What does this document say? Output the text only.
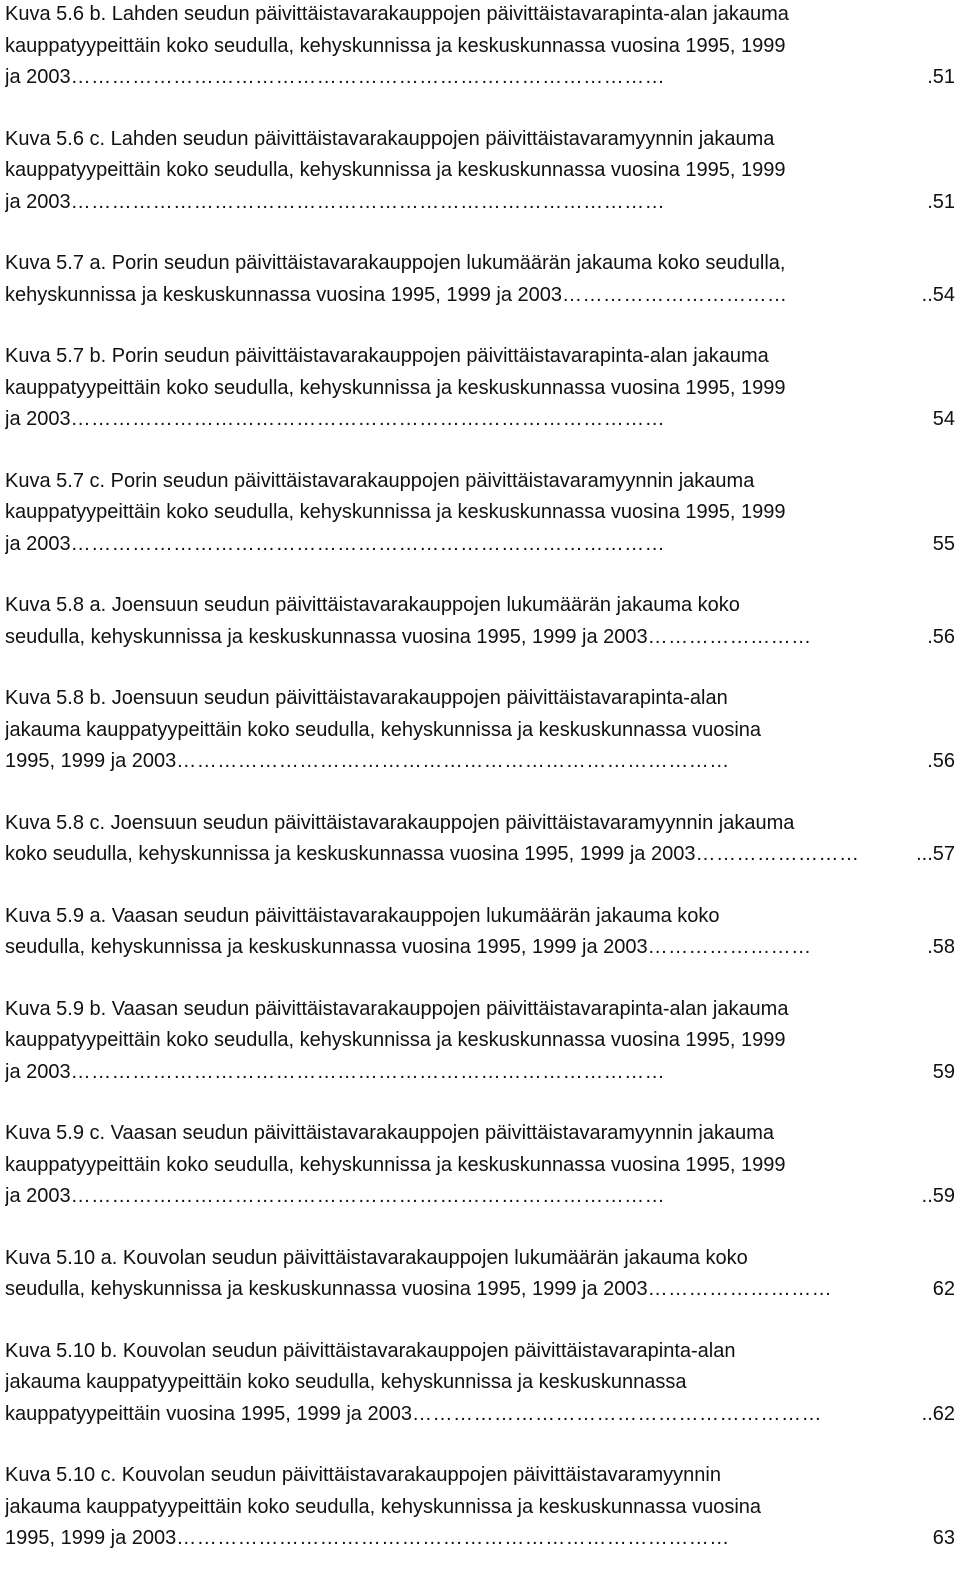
Kuva 5.6 b. Lahden seudun päivittäistavarakauppojen päivittäistavarapinta-alan jakauma
kauppatyypeittäin koko seudulla, kehyskunnissa ja keskuskunnassa vuosina 1995, 1999
ja 2003 ……………………………………………………………………………	.51
Kuva 5.6 c. Lahden seudun päivittäistavarakauppojen päivittäistavaramyynnin jakauma
kauppatyypeittäin koko seudulla, kehyskunnissa ja keskuskunnassa vuosina 1995, 1999
ja 2003 ……………………………………………………………………………	.51
Kuva 5.7 a. Porin seudun päivittäistavarakauppojen lukumäärän jakauma koko seudulla,
kehyskunnissa ja keskuskunnassa vuosina 1995, 1999 ja 2003 ……………………………	..54
Kuva 5.7 b. Porin seudun päivittäistavarakauppojen päivittäistavarapinta-alan jakauma
kauppatyypeittäin koko seudulla, kehyskunnissa ja keskuskunnassa vuosina 1995, 1999
ja 2003 ……………………………………………………………………………	54
Kuva 5.7 c. Porin seudun päivittäistavarakauppojen päivittäistavaramyynnin jakauma
kauppatyypeittäin koko seudulla, kehyskunnissa ja keskuskunnassa vuosina 1995, 1999
ja 2003 ……………………………………………………………………………	55
Kuva 5.8 a. Joensuun seudun päivittäistavarakauppojen lukumäärän jakauma koko
seudulla, kehyskunnissa ja keskuskunnassa vuosina 1995, 1999 ja 2003 ……………………	.56
Kuva 5.8 b. Joensuun seudun päivittäistavarakauppojen päivittäistavarapinta-alan
jakauma kauppatyypeittäin koko seudulla, kehyskunnissa ja keskuskunnassa vuosina
1995, 1999 ja 2003 ………………………………………………………………………	.56
Kuva 5.8 c. Joensuun seudun päivittäistavarakauppojen päivittäistavaramyynnin jakauma
koko seudulla, kehyskunnissa ja keskuskunnassa vuosina 1995, 1999 ja 2003 ……………………	...57
Kuva 5.9 a. Vaasan seudun päivittäistavarakauppojen lukumäärän jakauma koko
seudulla, kehyskunnissa ja keskuskunnassa vuosina 1995, 1999 ja 2003 ……………………	.58
Kuva 5.9 b. Vaasan seudun päivittäistavarakauppojen päivittäistavarapinta-alan jakauma
kauppatyypeittäin koko seudulla, kehyskunnissa ja keskuskunnassa vuosina 1995, 1999
ja 2003 ……………………………………………………………………………	59
Kuva 5.9 c. Vaasan seudun päivittäistavarakauppojen päivittäistavaramyynnin jakauma
kauppatyypeittäin koko seudulla, kehyskunnissa ja keskuskunnassa vuosina 1995, 1999
ja 2003 ……………………………………………………………………………	..59
Kuva 5.10 a. Kouvolan seudun päivittäistavarakauppojen lukumäärän jakauma koko
seudulla, kehyskunnissa ja keskuskunnassa vuosina 1995, 1999 ja 2003 ………………………	62
Kuva 5.10 b. Kouvolan seudun päivittäistavarakauppojen päivittäistavarapinta-alan
jakauma kauppatyypeittäin koko seudulla, kehyskunnissa ja keskuskunnassa
kauppatyypeittäin vuosina 1995, 1999 ja 2003 ……………………………………………………	..62
Kuva 5.10 c. Kouvolan seudun päivittäistavarakauppojen päivittäistavaramyynnin
jakauma kauppatyypeittäin koko seudulla, kehyskunnissa ja keskuskunnassa vuosina
1995, 1999 ja 2003 ………………………………………………………………………	63
